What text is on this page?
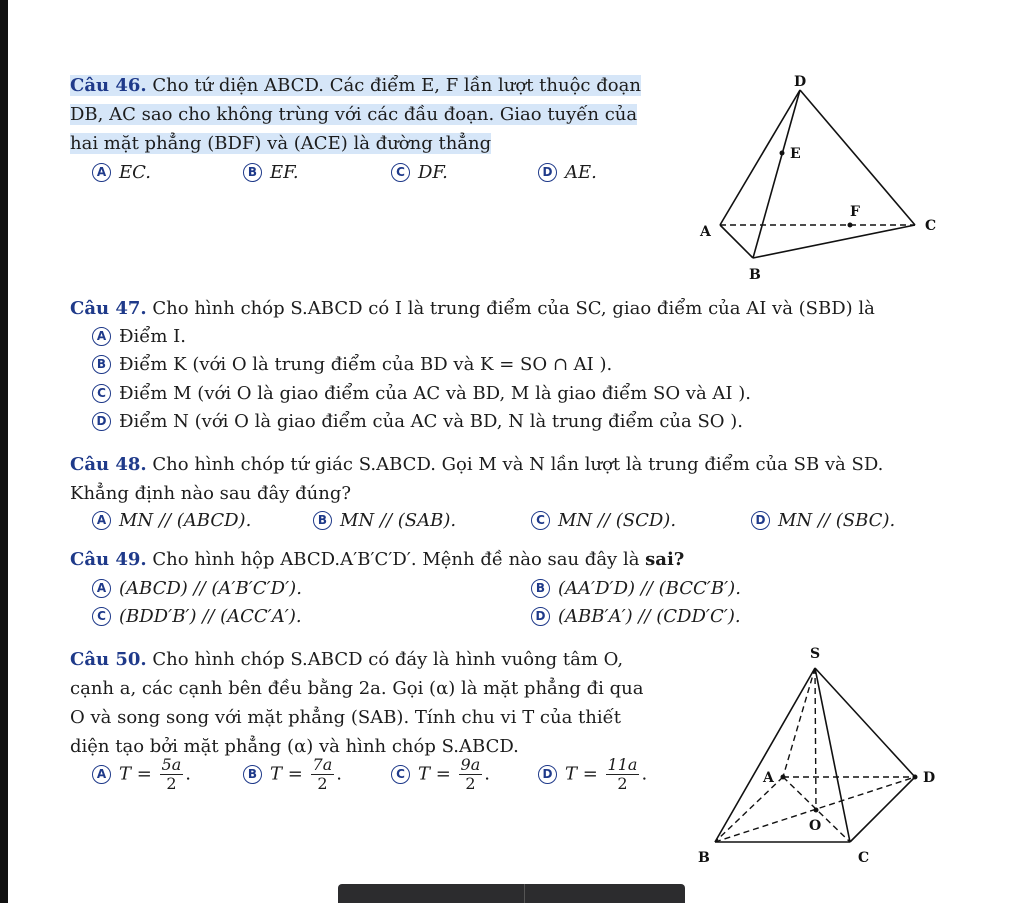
Câu 46. Cho tứ diện ABCD. Các điểm E, F lần lượt thuộc đoạn
DB, AC sao cho không trùng với các đầu đoạn. Giao tuyến của
hai mặt phẳng (BDF) và (ACE) là đường thẳng
A EC.	B EF.	C DF.	D AE.
D
E
F
A	C
B
Câu 47. Cho hình chóp S.ABCD có I là trung điểm của SC, giao điểm của AI và (SBD) là
A Điểm I.
B Điểm K (với O là trung điểm của BD và K = SO ∩ AI ).
C Điểm M (với O là giao điểm của AC và BD, M là giao điểm SO và AI ).
D Điểm N (với O là giao điểm của AC và BD, N là trung điểm của SO ).
Câu 48. Cho hình chóp tứ giác S.ABCD. Gọi M và N lần lượt là trung điểm của SB và SD.
Khẳng định nào sau đây đúng?
A MN // (ABCD).	B MN // (SAB).	C MN // (SCD).	D MN // (SBC).
Câu 49. Cho hình hộp ABCD.A′B′C′D′. Mệnh đề nào sau đây là sai?
A (ABCD) // (A′B′C′D′).	B (AA′D′D) // (BCC′B′).
C (BDD′B′) // (ACC′A′).	D (ABB′A′) // (CDD′C′).
Câu 50. Cho hình chóp S.ABCD có đáy là hình vuông tâm O,
cạnh a, các cạnh bên đều bằng 2a. Gọi (α) là mặt phẳng đi qua
O và song song với mặt phẳng (SAB). Tính chu vi T của thiết
diện tạo bởi mặt phẳng (α) và hình chóp S.ABCD.
A $T = \frac{5a}{2}$ .	B $T = \frac{7a}{2}$ .	C $T = \frac{9a}{2}$ .	D $T = \frac{11a}{2}$ .
S
A	D
O
B	C
